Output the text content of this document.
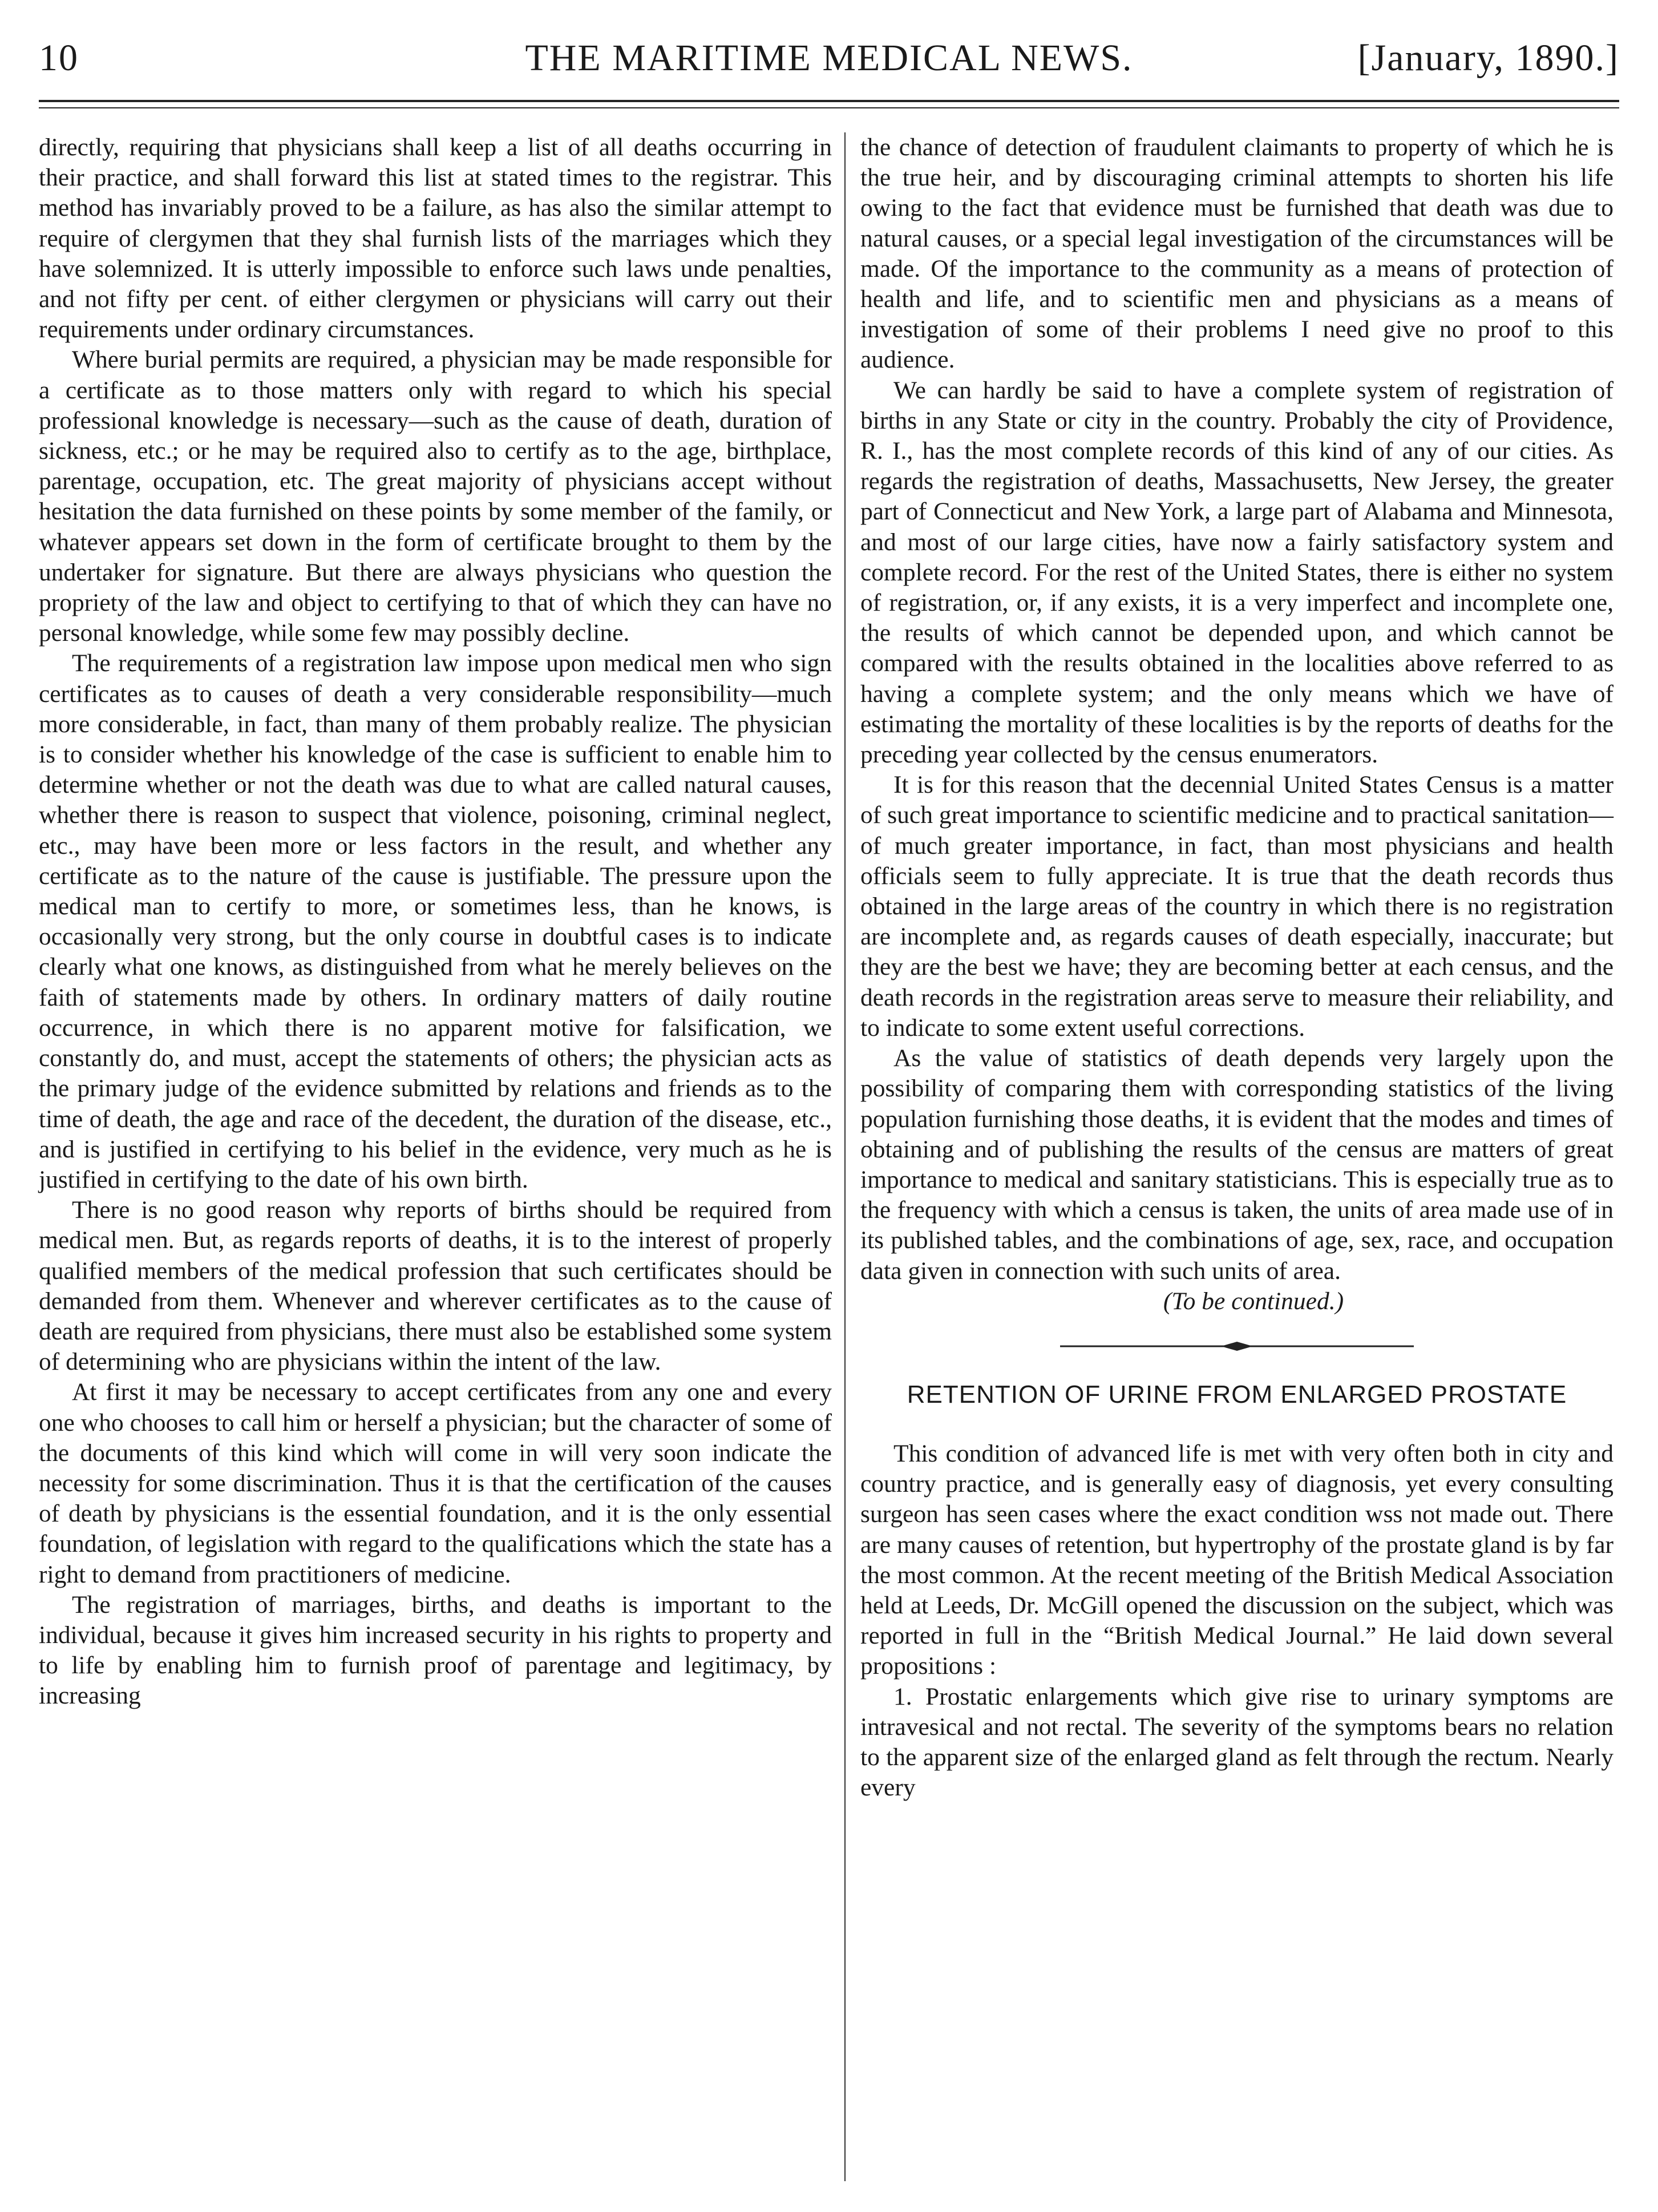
10	THE MARITIME MEDICAL NEWS.	[January, 1890.]

directly, requiring that physicians shall keep a list of all deaths occurring in their practice, and shall forward this list at stated times to the registrar. This method has invariably proved to be a failure, as has also the similar attempt to require of clergymen that they shal furnish lists of the marriages which they have solemnized. It is utterly impossible to enforce such laws unde penalties, and not fifty per cent. of either clergymen or physicians will carry out their requirements under ordinary circumstances.

Where burial permits are required, a physician may be made responsible for a certificate as to those matters only with regard to which his special professional knowledge is necessary—such as the cause of death, duration of sickness, etc.; or he may be required also to certify as to the age, birthplace, parentage, occupation, etc. The great majority of physicians accept without hesitation the data furnished on these points by some member of the family, or whatever appears set down in the form of certificate brought to them by the undertaker for signature. But there are always physicians who question the propriety of the law and object to certifying to that of which they can have no personal knowledge, while some few may possibly decline.

The requirements of a registration law impose upon medical men who sign certificates as to causes of death a very considerable responsibility—much more considerable, in fact, than many of them probably realize. The physician is to consider whether his knowledge of the case is sufficient to enable him to determine whether or not the death was due to what are called natural causes, whether there is reason to suspect that violence, poisoning, criminal neglect, etc., may have been more or less factors in the result, and whether any certificate as to the nature of the cause is justifiable. The pressure upon the medical man to certify to more, or sometimes less, than he knows, is occasionally very strong, but the only course in doubtful cases is to indicate clearly what one knows, as distinguished from what he merely believes on the faith of statements made by others. In ordinary matters of daily routine occurrence, in which there is no apparent motive for falsification, we constantly do, and must, accept the statements of others; the physician acts as the primary judge of the evidence submitted by relations and friends as to the time of death, the age and race of the decedent, the duration of the disease, etc., and is justified in certifying to his belief in the evidence, very much as he is justified in certifying to the date of his own birth.

There is no good reason why reports of births should be required from medical men. But, as regards reports of deaths, it is to the interest of properly qualified members of the medical profession that such certificates should be demanded from them. Whenever and wherever certificates as to the cause of death are required from physicians, there must also be established some system of determining who are physicians within the intent of the law.

At first it may be necessary to accept certificates from any one and every one who chooses to call him or herself a physician; but the character of some of the documents of this kind which will come in will very soon indicate the necessity for some discrimination. Thus it is that the certification of the causes of death by physicians is the essential foundation, and it is the only essential foundation, of legislation with regard to the qualifications which the state has a right to demand from practitioners of medicine.

The registration of marriages, births, and deaths is important to the individual, because it gives him increased security in his rights to property and to life by enabling him to furnish proof of parentage and legitimacy, by increasing

the chance of detection of fraudulent claimants to property of which he is the true heir, and by discouraging criminal attempts to shorten his life owing to the fact that evidence must be furnished that death was due to natural causes, or a special legal investigation of the circumstances will be made. Of the importance to the community as a means of protection of health and life, and to scientific men and physicians as a means of investigation of some of their problems I need give no proof to this audience.

We can hardly be said to have a complete system of registration of births in any State or city in the country. Probably the city of Providence, R. I., has the most complete records of this kind of any of our cities. As regards the registration of deaths, Massachusetts, New Jersey, the greater part of Connecticut and New York, a large part of Alabama and Minnesota, and most of our large cities, have now a fairly satisfactory system and complete record. For the rest of the United States, there is either no system of registration, or, if any exists, it is a very imperfect and incomplete one, the results of which cannot be depended upon, and which cannot be compared with the results obtained in the localities above referred to as having a complete system; and the only means which we have of estimating the mortality of these localities is by the reports of deaths for the preceding year collected by the census enumerators.

It is for this reason that the decennial United States Census is a matter of such great importance to scientific medicine and to practical sanitation—of much greater importance, in fact, than most physicians and health officials seem to fully appreciate. It is true that the death records thus obtained in the large areas of the country in which there is no registration are incomplete and, as regards causes of death especially, inaccurate; but they are the best we have; they are becoming better at each census, and the death records in the registration areas serve to measure their reliability, and to indicate to some extent useful corrections.

As the value of statistics of death depends very largely upon the possibility of comparing them with corresponding statistics of the living population furnishing those deaths, it is evident that the modes and times of obtaining and of publishing the results of the census are matters of great importance to medical and sanitary statisticians. This is especially true as to the frequency with which a census is taken, the units of area made use of in its published tables, and the combinations of age, sex, race, and occupation data given in connection with such units of area.

(To be continued.)

RETENTION OF URINE FROM ENLARGED PROSTATE

This condition of advanced life is met with very often both in city and country practice, and is generally easy of diagnosis, yet every consulting surgeon has seen cases where the exact condition wss not made out. There are many causes of retention, but hypertrophy of the prostate gland is by far the most common. At the recent meeting of the British Medical Association held at Leeds, Dr. McGill opened the discussion on the subject, which was reported in full in the “British Medical Journal.” He laid down several propositions :

1. Prostatic enlargements which give rise to urinary symptoms are intravesical and not rectal. The severity of the symptoms bears no relation to the apparent size of the enlarged gland as felt through the rectum. Nearly every
